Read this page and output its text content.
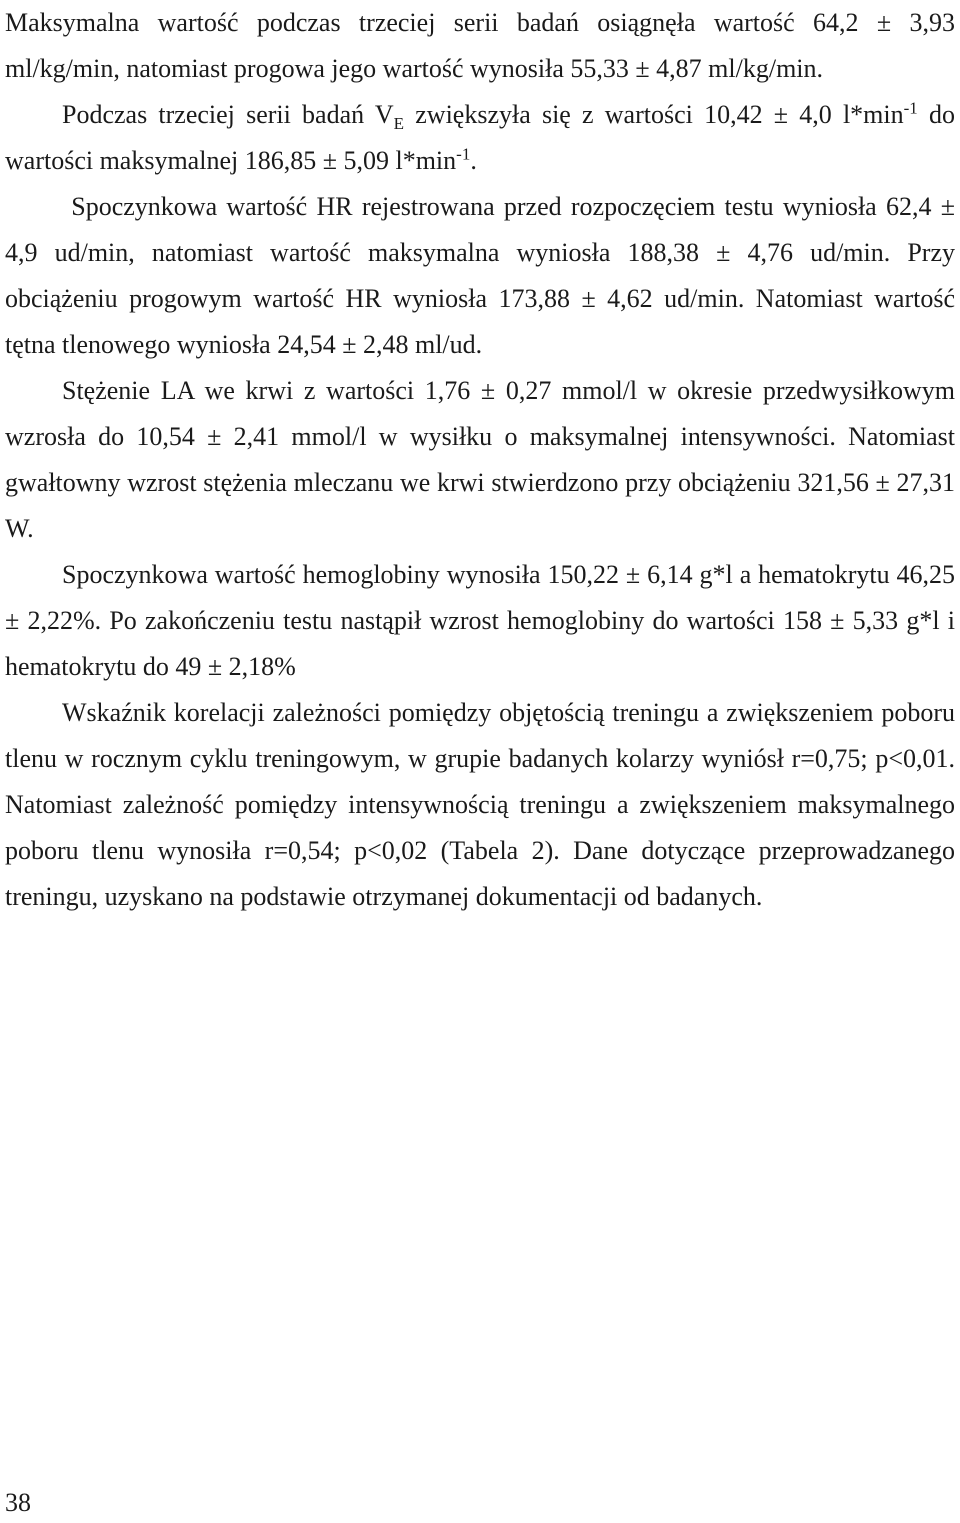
Maksymalna wartość podczas trzeciej serii badań osiągnęła wartość 64,2 ± 3,93 ml/kg/min, natomiast progowa jego wartość wynosiła 55,33 ± 4,87 ml/kg/min.

Podczas trzeciej serii badań $V_E$ zwiększyła się z wartości 10,42 ± 4,0 $l*\min^{-1}$ do wartości maksymalnej 186,85 ± 5,09 $l*\min^{-1}$.
Spoczynkowa wartość HR rejestrowana przed rozpoczęciem testu wyniosła 62,4 ± 4,9 ud/min, natomiast wartość maksymalna wyniosła 188,38 ± 4,76 ud/min. Przy obciążeniu progowym wartość HR wyniosła 173,88 ± 4,62 ud/min. Natomiast wartość tętna tlenowego wyniosła 24,54 ± 2,48 ml/ud.

Stężenie LA we krwi z wartości 1,76 ± 0,27 mmol/l w okresie przedwysiłkowym wzrosła do 10,54 ± 2,41 mmol/l w wysiłku o maksymalnej intensywności. Natomiast gwałtowny wzrost stężenia mleczanu we krwi stwierdzono przy obciążeniu 321,56 ± 27,31 W.

Spoczynkowa wartość hemoglobiny wynosiła 150,22 ± 6,14 g*l a hematokrytu 46,25 ± 2,22%. Po zakończeniu testu nastąpił wzrost hemoglobiny do wartości 158 ± 5,33 g*l i hematokrytu do 49 ± 2,18%

Wskaźnik korelacji zależności pomiędzy objętością treningu a zwiększeniem poboru tlenu w rocznym cyklu treningowym, w grupie badanych kolarzy wyniósł r=0,75; p<0,01. Natomiast zależność pomiędzy intensywnością treningu a zwiększeniem maksymalnego poboru tlenu wynosiła r=0,54; p<0,02 (Tabela 2). Dane dotyczące przeprowadzanego treningu, uzyskano na podstawie otrzymanej dokumentacji od badanych.

38
